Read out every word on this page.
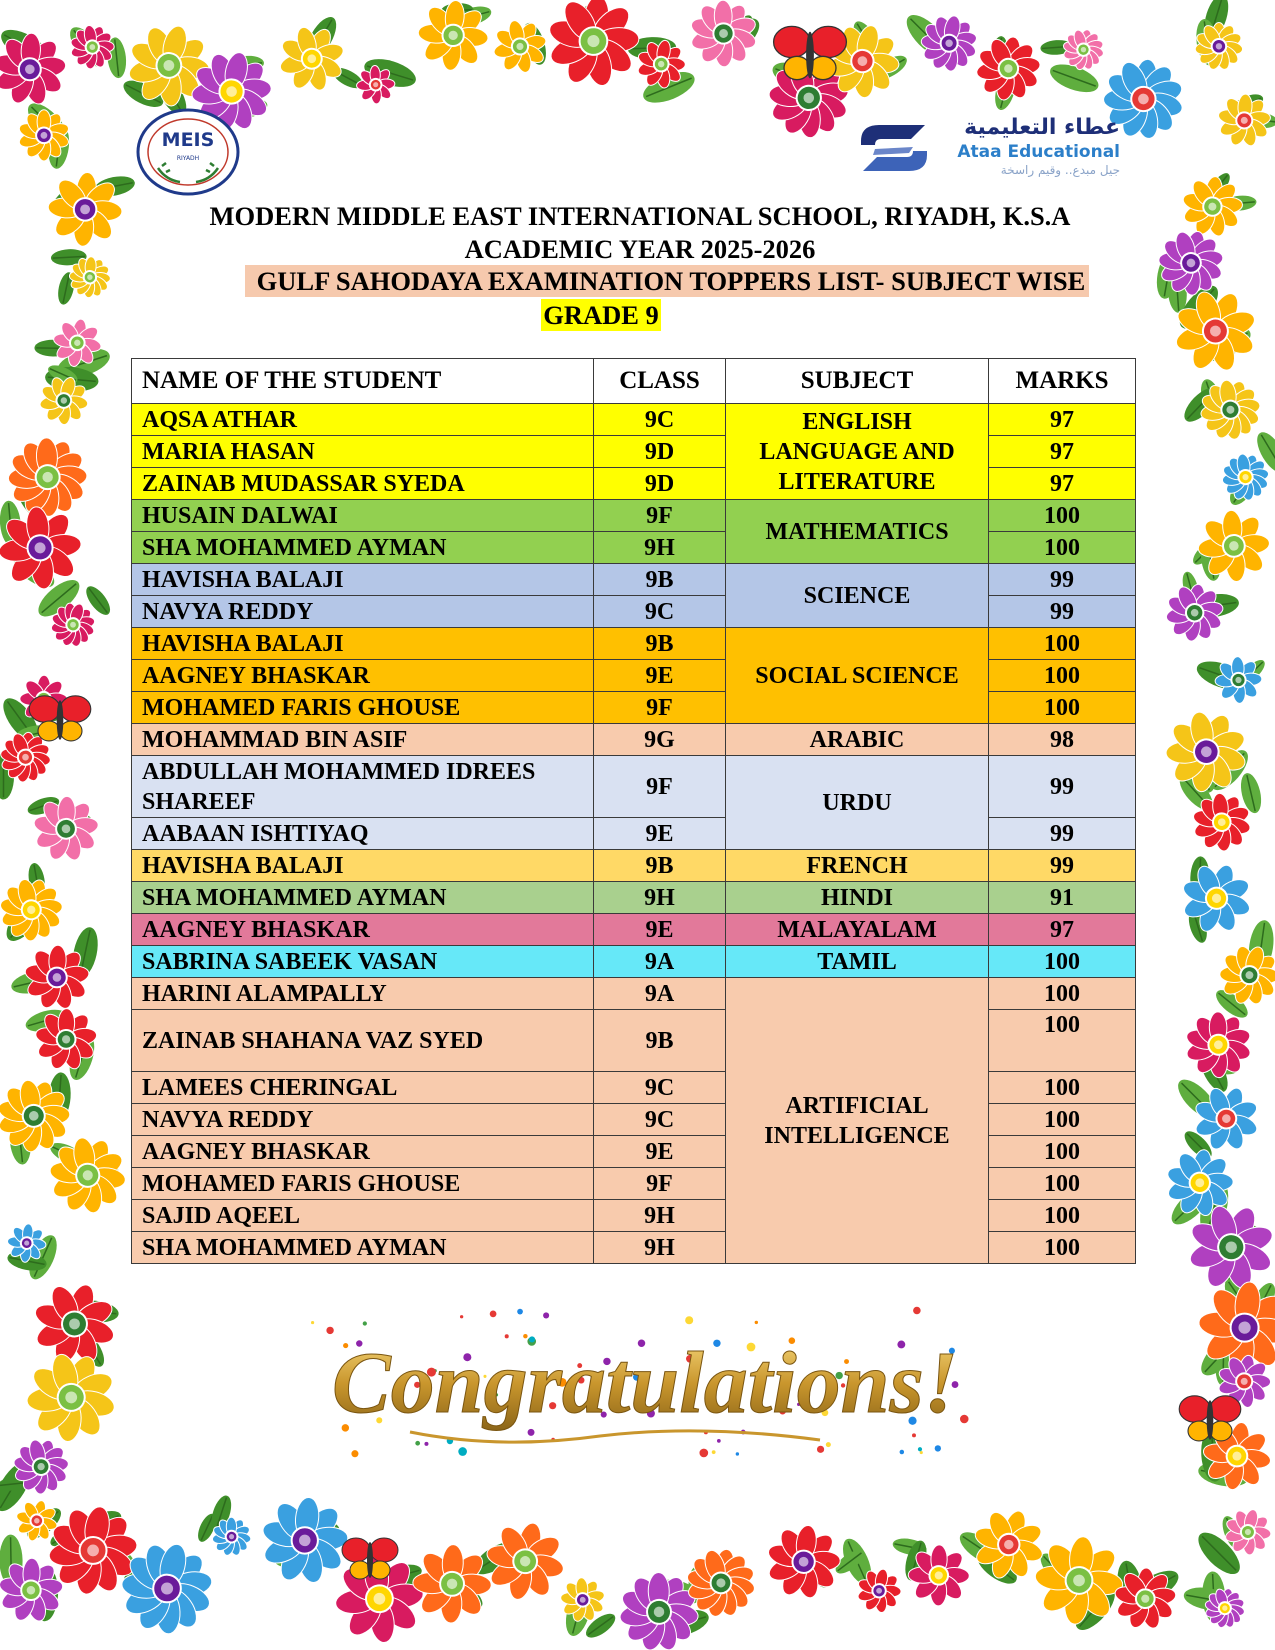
MEIS
RIYADH
عطاء التعليمية
Ataa Educational
جيل مبدع.. وقيم راسخة
MODERN MIDDLE EAST INTERNATIONAL SCHOOL, RIYADH, K.S.A
ACADEMIC YEAR 2025-2026
GULF SAHODAYA EXAMINATION TOPPERS LIST- SUBJECT WISE
GRADE 9
NAME OF THE STUDENT	CLASS	SUBJECT	MARKS
AQSA ATHAR	9C	ENGLISH LANGUAGE AND LITERATURE	97
MARIA HASAN	9D		97
ZAINAB MUDASSAR SYEDA	9D		97
HUSAIN DALWAI	9F	MATHEMATICS	100
SHA MOHAMMED AYMAN	9H		100
HAVISHA BALAJI	9B	SCIENCE	99
NAVYA REDDY	9C		99
HAVISHA BALAJI	9B	SOCIAL SCIENCE	100
AAGNEY BHASKAR	9E		100
MOHAMED FARIS GHOUSE	9F		100
MOHAMMAD BIN ASIF	9G	ARABIC	98
ABDULLAH MOHAMMED IDREES SHAREEF	9F	URDU	99
AABAAN ISHTIYAQ	9E		99
HAVISHA BALAJI	9B	FRENCH	99
SHA MOHAMMED AYMAN	9H	HINDI	91
AAGNEY BHASKAR	9E	MALAYALAM	97
SABRINA SABEEK VASAN	9A	TAMIL	100
HARINI ALAMPALLY	9A	ARTIFICIAL INTELLIGENCE	100
ZAINAB SHAHANA VAZ SYED	9B		100
LAMEES CHERINGAL	9C		100
NAVYA REDDY	9C		100
AAGNEY BHASKAR	9E		100
MOHAMED FARIS GHOUSE	9F		100
SAJID AQEEL	9H		100
SHA MOHAMMED AYMAN	9H		100
Congratulations!
